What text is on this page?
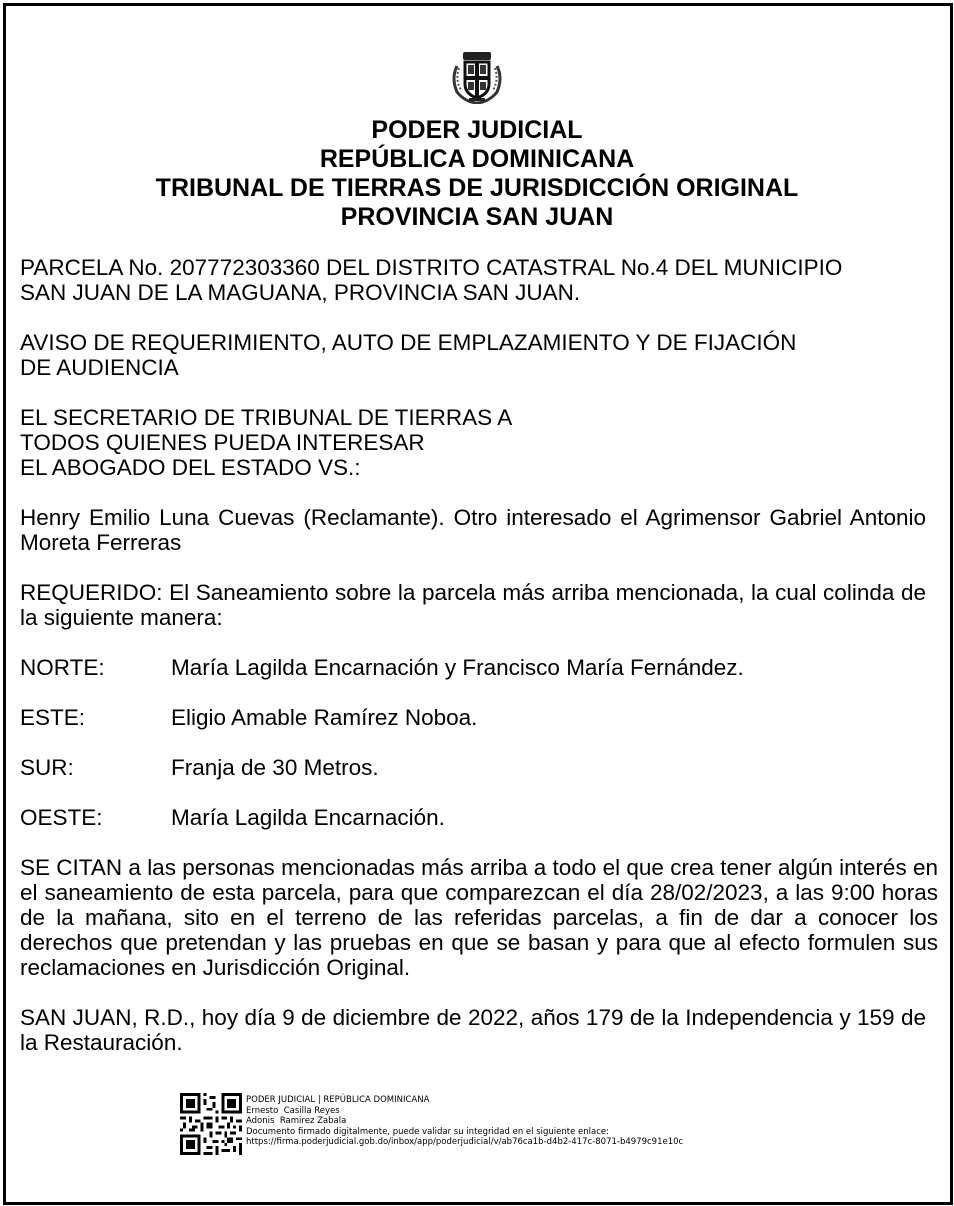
PODER JUDICIAL
REPÚBLICA DOMINICANA
TRIBUNAL DE TIERRAS DE JURISDICCIÓN ORIGINAL
PROVINCIA SAN JUAN

PARCELA No. 207772303360 DEL DISTRITO CATASTRAL No.4 DEL MUNICIPIO

SAN JUAN DE LA MAGUANA, PROVINCIA SAN JUAN.

AVISO DE REQUERIMIENTO, AUTO DE EMPLAZAMIENTO Y DE FIJACIÓN

DE AUDIENCIA

EL SECRETARIO DE TRIBUNAL DE TIERRAS A

TODOS QUIENES PUEDA INTERESAR

EL ABOGADO DEL ESTADO VS.:

Henry Emilio Luna Cuevas (Reclamante). Otro interesado el Agrimensor Gabriel Antonio Moreta Ferreras

REQUERIDO: El Saneamiento sobre la parcela más arriba mencionada, la cual colinda de la siguiente manera:

NORTE:	María Lagilda Encarnación y Francisco María Fernández.
ESTE:	Eligio Amable Ramírez Noboa.
SUR:	Franja de 30 Metros.
OESTE:	María Lagilda Encarnación.

SE CITAN a las personas mencionadas más arriba a todo el que crea tener algún interés en el saneamiento de esta parcela, para que comparezcan el día 28/02/2023, a las 9:00 horas de la mañana, sito en el terreno de las referidas parcelas, a fin de dar a conocer los derechos que pretendan y las pruebas en que se basan y para que al efecto formulen sus reclamaciones en Jurisdicción Original.

SAN JUAN, R.D., hoy día 9 de diciembre de 2022, años 179 de la Independencia y 159 de la Restauración.

PODER JUDICIAL | REPÚBLICA DOMINICANA
Ernesto  Casilla Reyes
Adonis  Ramirez Zabala
Documento firmado digitalmente, puede validar su integridad en el siguiente enlace:
https://firma.poderjudicial.gob.do/inbox/app/poderjudicial/v/ab76ca1b-d4b2-417c-8071-b4979c91e10c
